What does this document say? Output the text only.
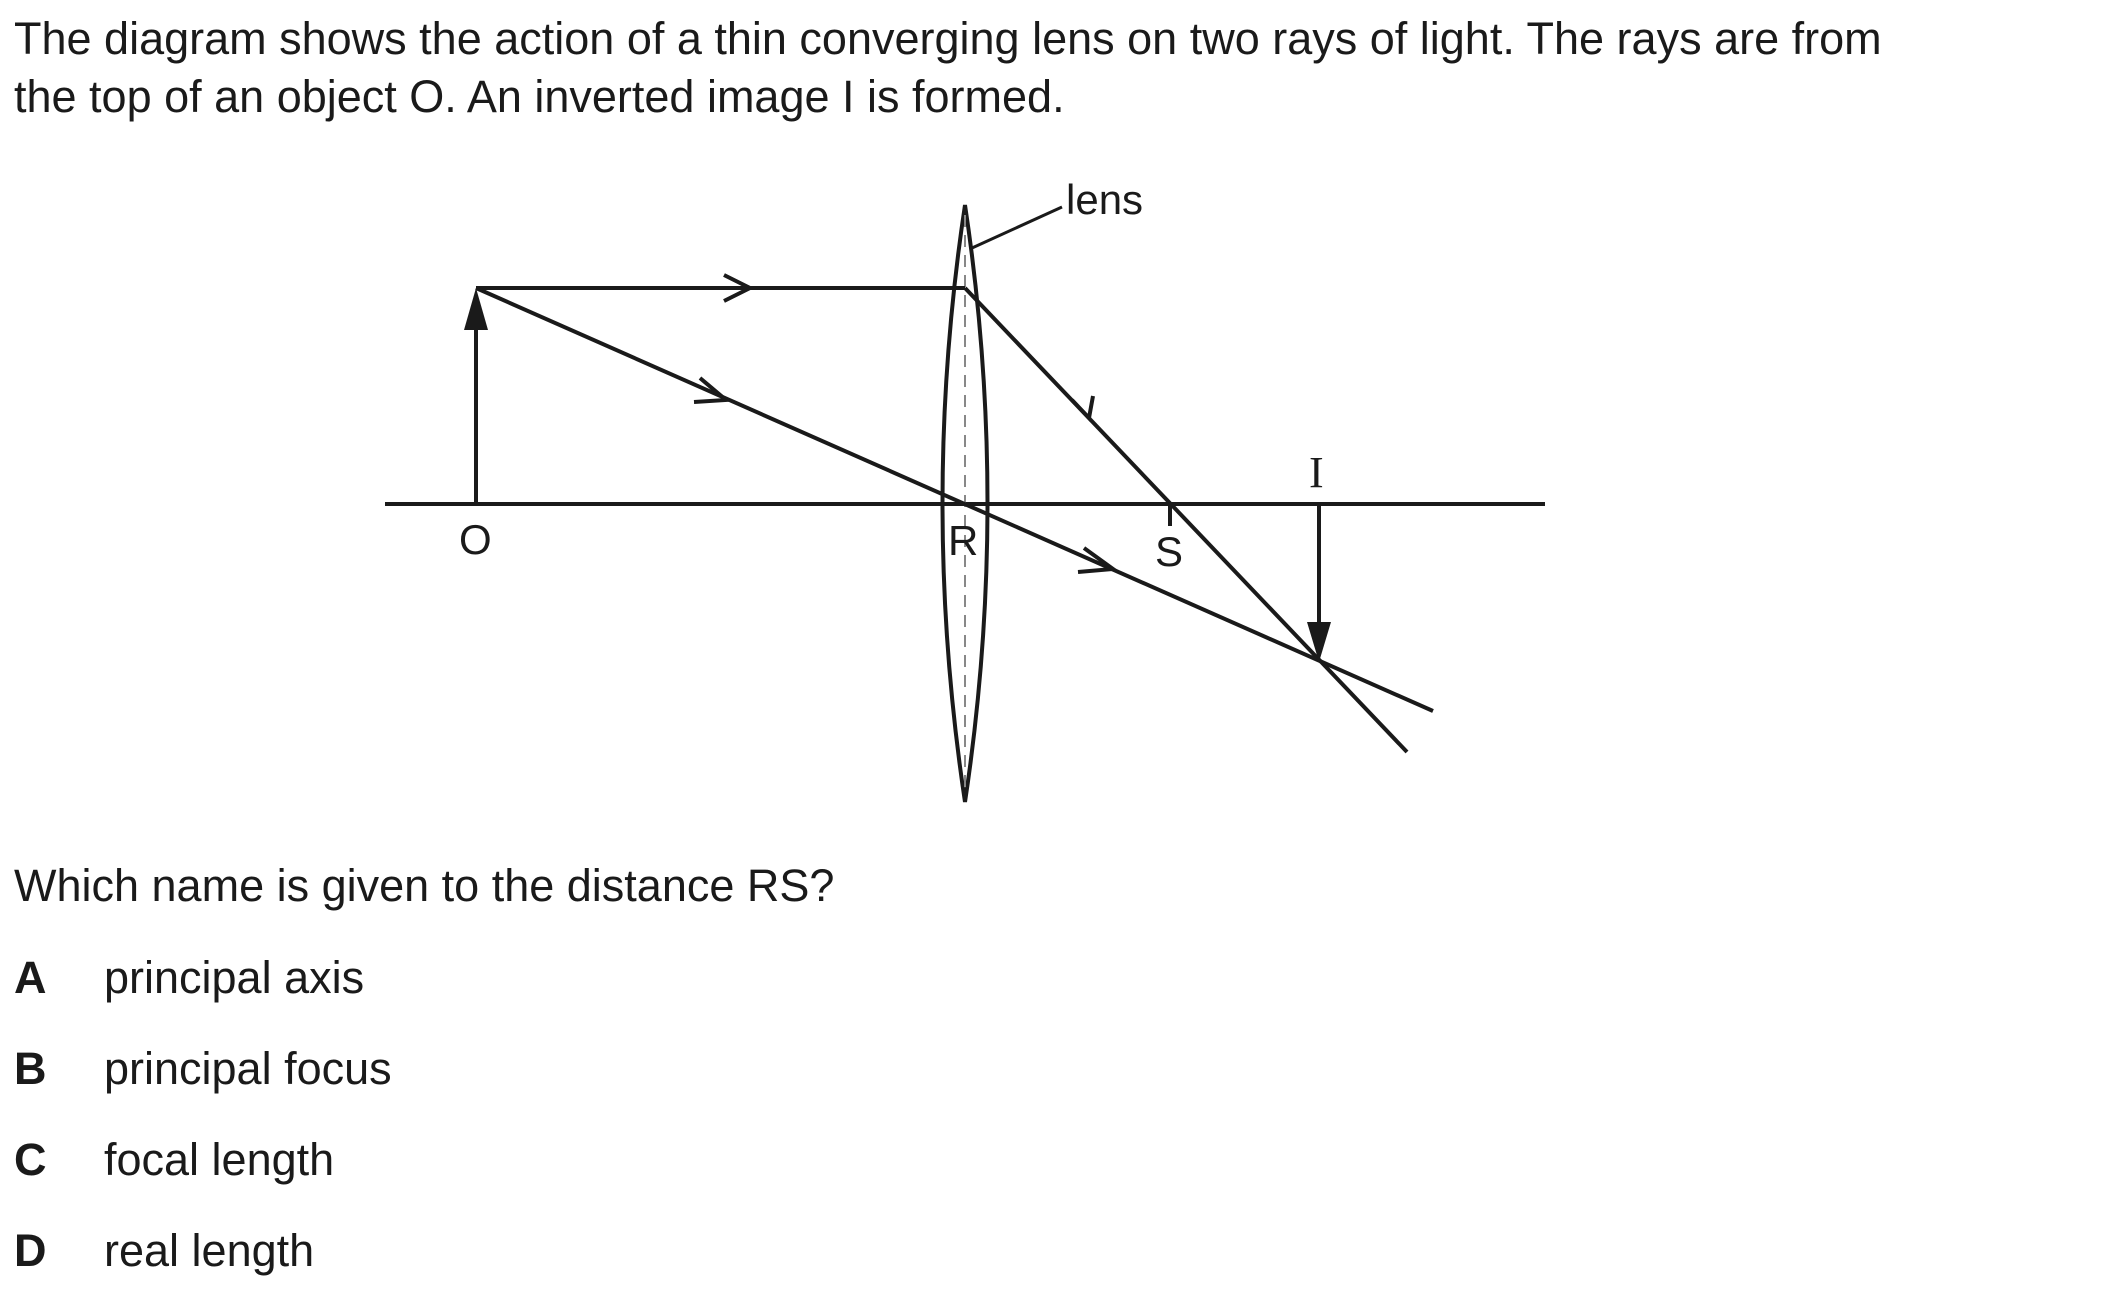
The diagram shows the action of a thin converging lens on two rays of light. The rays are from
the top of an object O. An inverted image I is formed.
lens
O	R	S
I

Which name is given to the distance RS?

A	principal axis
B	principal focus
C	focal length
D	real length
